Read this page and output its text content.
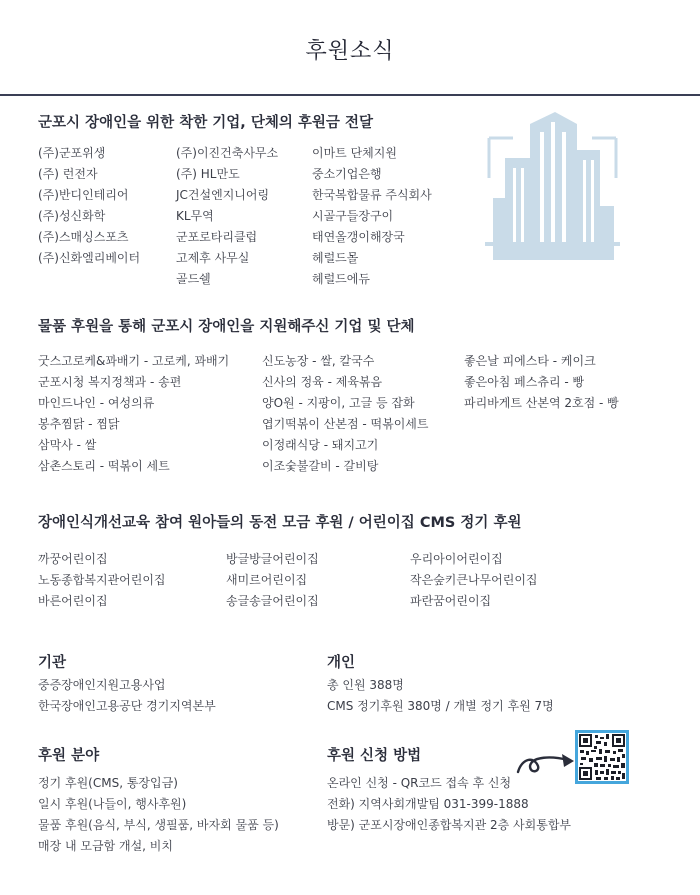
후원소식
군포시 장애인을 위한 착한 기업, 단체의 후원금 전달
(주)군포위생
(주) 런전자
(주)반디인테리어
(주)성신화학
(주)스매싱스포츠
(주)신화엘리베이터
(주)이진건축사무소
(주) HL만도
JC건설엔지니어링
KL무역
군포로타리클럽
고제후 사무실
골드쉘
이마트 단체지원
중소기업은행
한국복합물류 주식회사
시골구들장구이
태연올갱이해장국
헤럴드몰
헤럴드에듀
물품 후원을 통해 군포시 장애인을 지원해주신 기업 및 단체
굿스고로케&꽈배기 - 고로케, 꽈배기
군포시청 복지정책과 - 송편
마인드나인 - 여성의류
봉추찜닭 - 찜닭
삼막사 - 쌀
삼촌스토리 - 떡볶이 세트
신도농장 - 쌀, 칼국수
신사의 정육 - 제육볶음
양O원 - 지팡이, 고글 등 잡화
엽기떡볶이 산본점 - 떡볶이세트
이정래식당 - 돼지고기
이조숯불갈비 - 갈비탕
좋은날 피에스타 - 케이크
좋은아침 페스츄리 - 빵
파리바게트 산본역 2호점 - 빵
장애인식개선교육 참여 원아들의 동전 모금 후원 / 어린이집 CMS 정기 후원
까꿍어린이집
노동종합복지관어린이집
바른어린이집
방글방글어린이집
새미르어린이집
송글송글어린이집
우리아이어린이집
작은숲키큰나무어린이집
파란꿈어린이집
기관
중증장애인지원고용사업
한국장애인고용공단 경기지역본부
개인
총 인원 388명
CMS 정기후원 380명 / 개별 정기 후원 7명
후원 분야
정기 후원(CMS, 통장입금)
일시 후원(나들이, 행사후원)
물품 후원(음식, 부식, 생필품, 바자회 물품 등)
매장 내 모금함 개설, 비치
후원 신청 방법
온라인 신청 - QR코드 접속 후 신청
전화) 지역사회개발팀 031-399-1888
방문) 군포시장애인종합복지관 2층 사회통합부
